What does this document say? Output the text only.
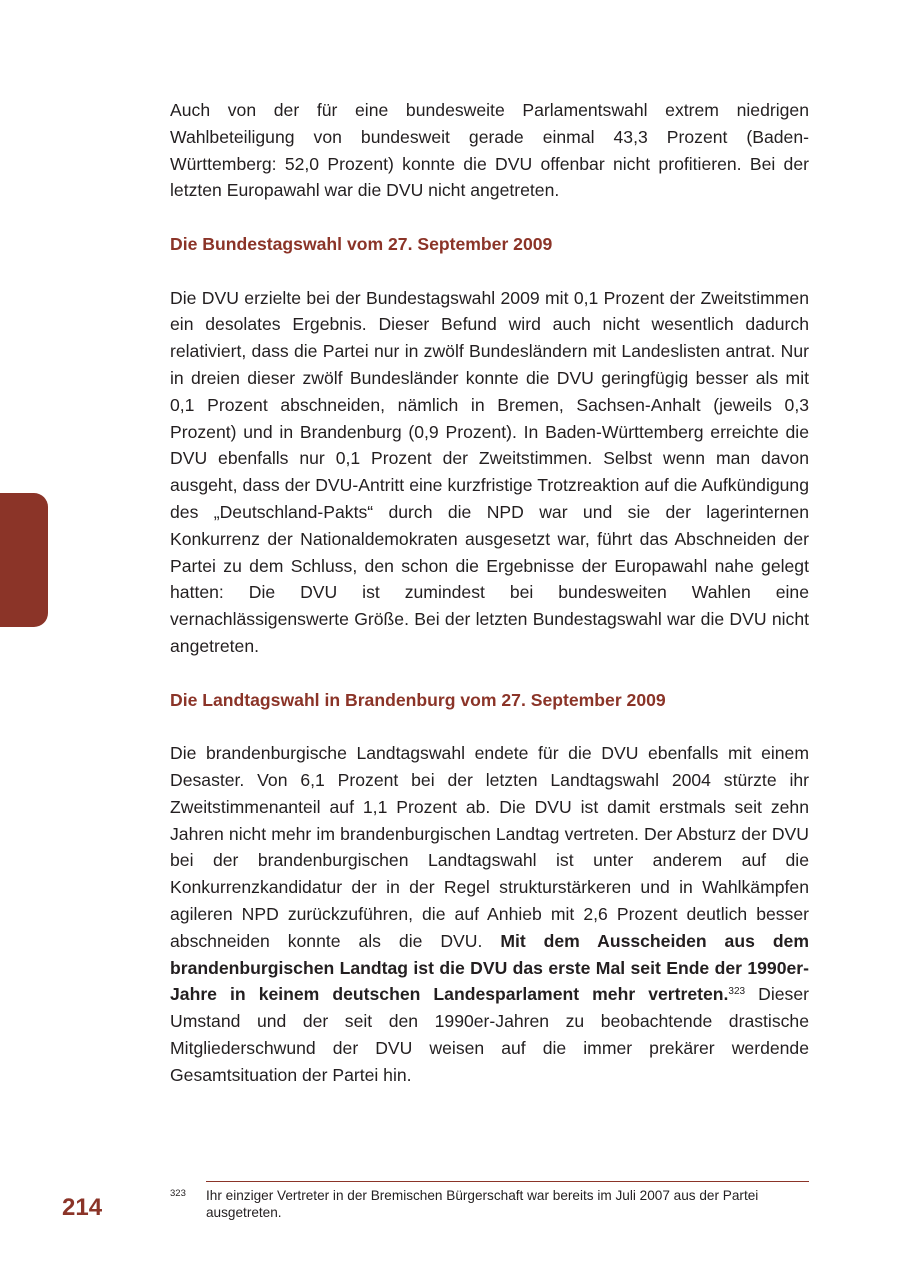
Auch von der für eine bundesweite Parlamentswahl extrem niedrigen Wahlbeteiligung von bundesweit gerade einmal 43,3 Prozent (Baden-Württemberg: 52,0 Prozent) konnte die DVU offenbar nicht profitieren. Bei der letzten Europawahl war die DVU nicht angetreten.

Die Bundestagswahl vom 27. September 2009

Die DVU erzielte bei der Bundestagswahl 2009 mit 0,1 Prozent der Zweitstimmen ein desolates Ergebnis. Dieser Befund wird auch nicht wesentlich dadurch relativiert, dass die Partei nur in zwölf Bundesländern mit Landeslisten antrat. Nur in dreien dieser zwölf Bundesländer konnte die DVU geringfügig besser als mit 0,1 Prozent abschneiden, nämlich in Bremen, Sachsen-Anhalt (jeweils 0,3 Prozent) und in Brandenburg (0,9 Prozent). In Baden-Württemberg erreichte die DVU ebenfalls nur 0,1 Prozent der Zweitstimmen. Selbst wenn man davon ausgeht, dass der DVU-Antritt eine kurzfristige Trotzreaktion auf die Aufkündigung des „Deutschland-Pakts“ durch die NPD war und sie der lagerinternen Konkurrenz der Nationaldemokraten ausgesetzt war, führt das Abschneiden der Partei zu dem Schluss, den schon die Ergebnisse der Europawahl nahe gelegt hatten: Die DVU ist zumindest bei bundesweiten Wahlen eine vernachlässigenswerte Größe. Bei der letzten Bundestagswahl war die DVU nicht angetreten.

Die Landtagswahl in Brandenburg vom 27. September 2009

Die brandenburgische Landtagswahl endete für die DVU ebenfalls mit einem Desaster. Von 6,1 Prozent bei der letzten Landtagswahl 2004 stürzte ihr Zweitstimmenanteil auf 1,1 Prozent ab. Die DVU ist damit erstmals seit zehn Jahren nicht mehr im brandenburgischen Landtag vertreten. Der Absturz der DVU bei der brandenburgischen Landtagswahl ist unter anderem auf die Konkurrenzkandidatur der in der Regel strukturstärkeren und in Wahlkämpfen agileren NPD zurückzuführen, die auf Anhieb mit 2,6 Prozent deutlich besser abschneiden konnte als die DVU. Mit dem Ausscheiden aus dem brandenburgischen Landtag ist die DVU das erste Mal seit Ende der 1990er-Jahre in keinem deutschen Landesparlament mehr vertreten.$^{323}$ Dieser Umstand und der seit den 1990er-Jahren zu beobachtende drastische Mitgliederschwund der DVU weisen auf die immer prekärer werdende Gesamtsituation der Partei hin.

323 Ihr einziger Vertreter in der Bremischen Bürgerschaft war bereits im Juli 2007 aus der Partei ausgetreten.

214
